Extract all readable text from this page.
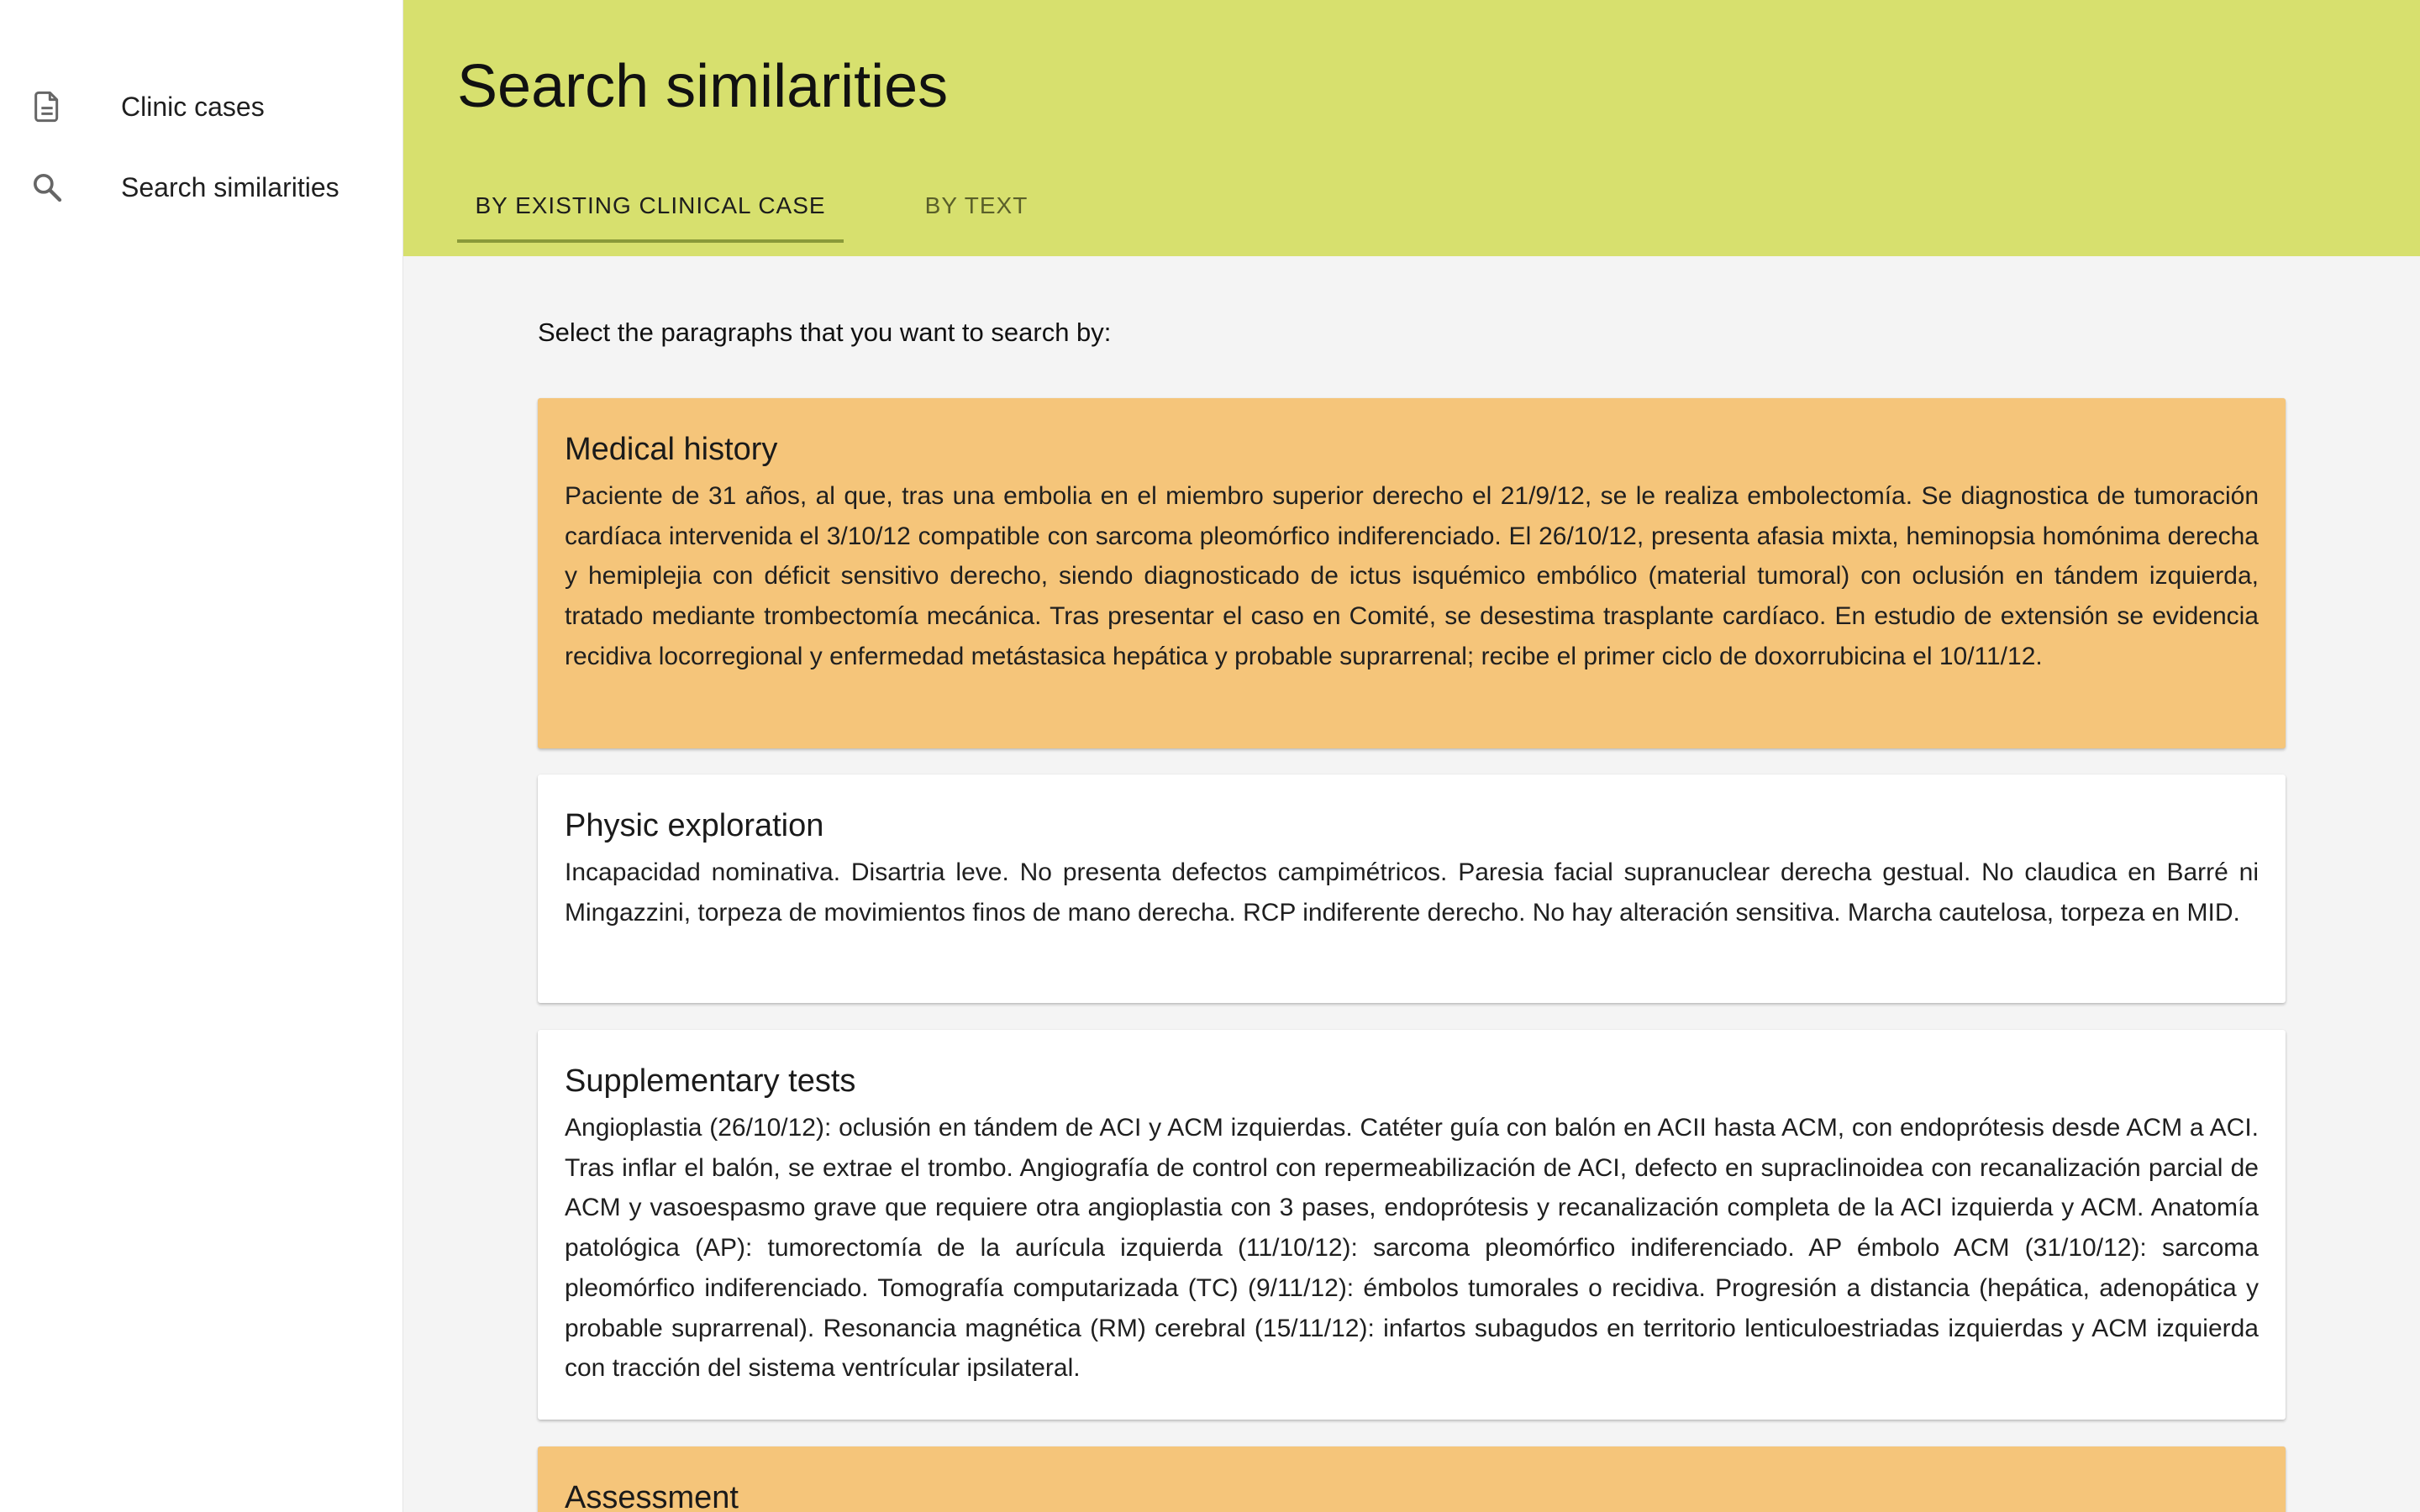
Clinic cases
Search similarities
Search similarities
BY EXISTING CLINICAL CASE	BY TEXT
Select the paragraphs that you want to search by:
Medical history

Paciente de 31 años, al que, tras una embolia en el miembro superior derecho el 21/9/12, se le realiza embolectomía. Se diagnostica de tumoración cardíaca intervenida el 3/10/12 compatible con sarcoma pleomórfico indiferenciado. El 26/10/12, presenta afasia mixta, heminopsia homónima derecha y hemiplejia con déficit sensitivo derecho, siendo diagnosticado de ictus isquémico embólico (material tumoral) con oclusión en tándem izquierda, tratado mediante trombectomía mecánica. Tras presentar el caso en Comité, se desestima trasplante cardíaco. En estudio de extensión se evidencia recidiva locorregional y enfermedad metástasica hepática y probable suprarrenal; recibe el primer ciclo de doxorrubicina el 10/11/12.

Physic exploration

Incapacidad nominativa. Disartria leve. No presenta defectos campimétricos. Paresia facial supranuclear derecha gestual. No claudica en Barré ni Mingazzini, torpeza de movimientos finos de mano derecha. RCP indiferente derecho. No hay alteración sensitiva. Marcha cautelosa, torpeza en MID.

Supplementary tests

Angioplastia (26/10/12): oclusión en tándem de ACI y ACM izquierdas. Catéter guía con balón en ACII hasta ACM, con endoprótesis desde ACM a ACI. Tras inflar el balón, se extrae el trombo. Angiografía de control con repermeabilización de ACI, defecto en supraclinoidea con recanalización parcial de ACM y vasoespasmo grave que requiere otra angioplastia con 3 pases, endoprótesis y recanalización completa de la ACI izquierda y ACM. Anatomía patológica (AP): tumorectomía de la aurícula izquierda (11/10/12): sarcoma pleomórfico indiferenciado. AP émbolo ACM (31/10/12): sarcoma pleomórfico indiferenciado. Tomografía computarizada (TC) (9/11/12): émbolos tumorales o recidiva. Progresión a distancia (hepática, adenopática y probable suprarrenal). Resonancia magnética (RM) cerebral (15/11/12): infartos subagudos en territorio lenticuloestriadas izquierdas y ACM izquierda con tracción del sistema ventrícular ipsilateral.

Assessment
